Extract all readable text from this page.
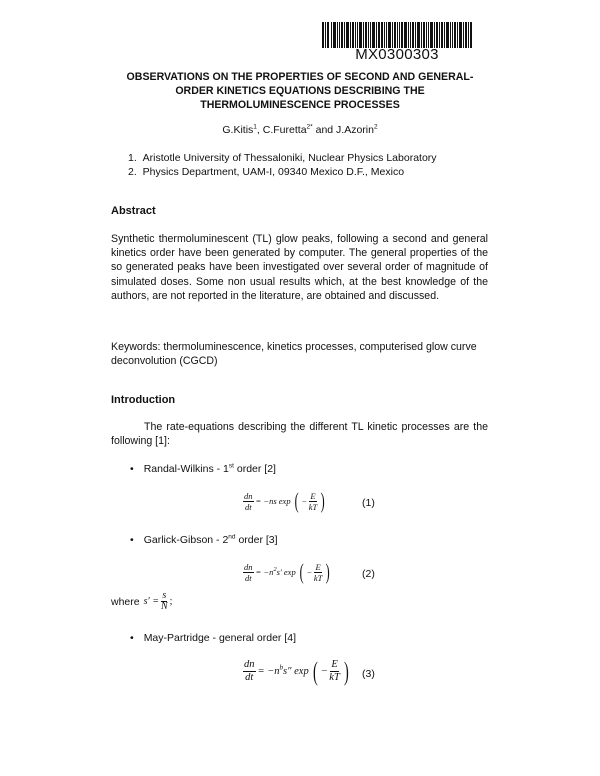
MX0300303
OBSERVATIONS ON THE PROPERTIES OF SECOND AND GENERAL-ORDER KINETICS EQUATIONS DESCRIBING THE THERMOLUMINESCENCE PROCESSES
G.Kitis$^1$, C.Furetta$^{2*}$ and J.Azorin$^2$
1. Aristotle University of Thessaloniki, Nuclear Physics Laboratory
2. Physics Department, UAM-I, 09340 Mexico D.F., Mexico
Abstract
Synthetic thermoluminescent (TL) glow peaks, following a second and general kinetics order have been generated by computer. The general properties of the so generated peaks have been investigated over several order of magnitude of simulated doses. Some non usual results which, at the best knowledge of the authors, are not reported in the literature, are obtained and discussed.
Keywords: thermoluminescence, kinetics processes, computerised glow curve deconvolution (CGCD)
Introduction
The rate-equations describing the different TL kinetic processes are the following [1]:
• Randal-Wilkins - 1st order [2]
$\frac{dn}{dt} = -ns$ exp ( − $\frac{E}{kT}$ )	(1)
• Garlick-Gibson - 2nd order [3]
$\frac{dn}{dt} = -n^2s'$ exp ( − $\frac{E}{kT}$ )	(2)
where $s' = \frac{s}{N}$ ;
• May-Partridge - general order [4]
$\frac{dn}{dt} = -n^bs''$ exp ( − $\frac{E}{kT}$ ) (3)
